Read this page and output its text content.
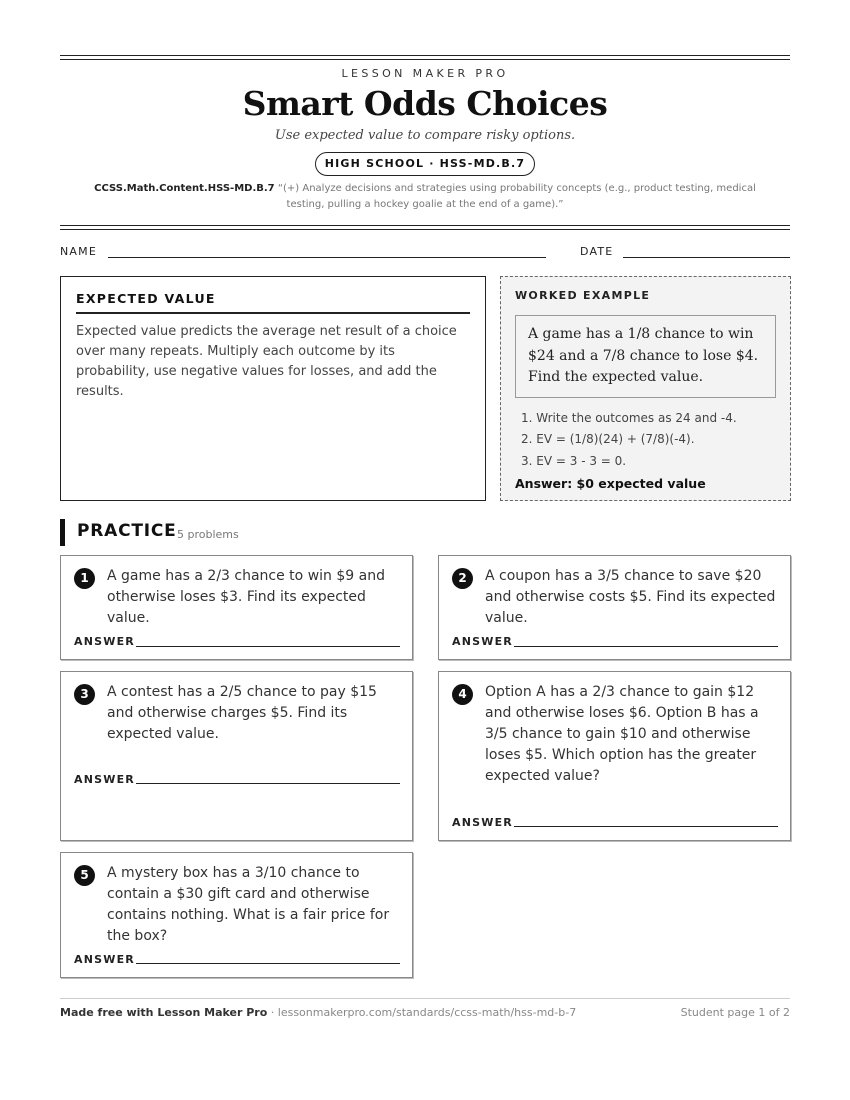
LESSON MAKER PRO
Smart Odds Choices
Use expected value to compare risky options.
HIGH SCHOOL · HSS-MD.B.7
CCSS.Math.Content.HSS-MD.B.7 “(+) Analyze decisions and strategies using probability concepts (e.g., product testing, medical testing, pulling a hockey goalie at the end of a game).”
NAME	DATE
EXPECTED VALUE
Expected value predicts the average net result of a choice over many repeats. Multiply each outcome by its probability, use negative values for losses, and add the results.
WORKED EXAMPLE
A game has a 1/8 chance to win $24 and a 7/8 chance to lose $4. Find the expected value.
1. Write the outcomes as 24 and -4.
2. EV = (1/8)(24) + (7/8)(-4).
3. EV = 3 - 3 = 0.
Answer: $0 expected value
PRACTICE 5 problems
1	A game has a 2/3 chance to win $9 and otherwise loses $3. Find its expected value.
ANSWER
2	A coupon has a 3/5 chance to save $20 and otherwise costs $5. Find its expected value.
ANSWER
3	A contest has a 2/5 chance to pay $15 and otherwise charges $5. Find its expected value.
ANSWER
4	Option A has a 2/3 chance to gain $12 and otherwise loses $6. Option B has a 3/5 chance to gain $10 and otherwise loses $5. Which option has the greater expected value?
ANSWER
5	A mystery box has a 3/10 chance to contain a $30 gift card and otherwise contains nothing. What is a fair price for the box?
ANSWER
Made free with Lesson Maker Pro · lessonmakerpro.com/standards/ccss-math/hss-md-b-7	Student page 1 of 2
